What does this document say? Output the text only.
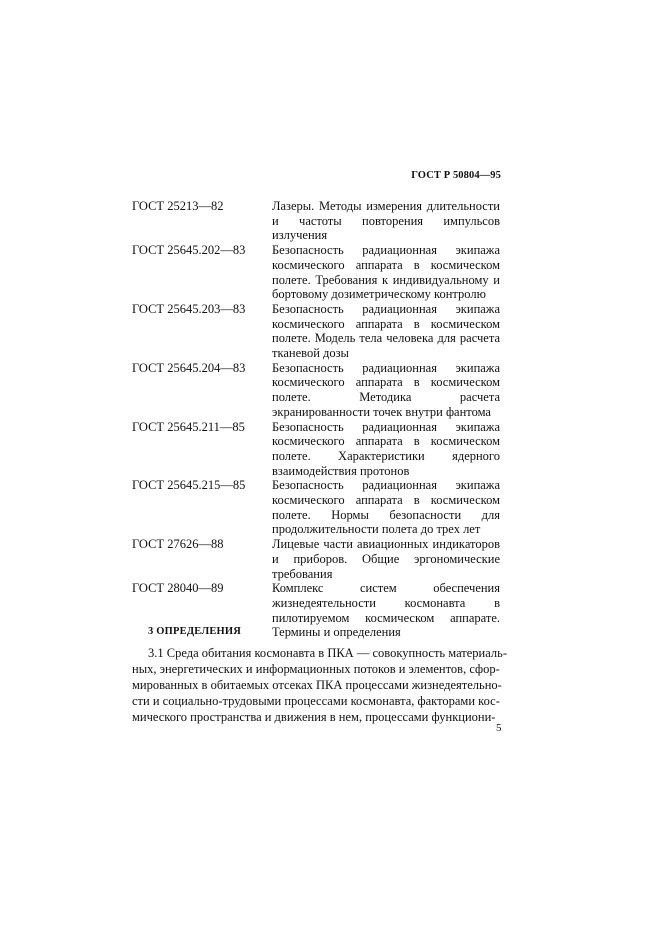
ГОСТ Р 50804—95
ГОСТ 25213—82	Лазеры. Методы измерения длительности и частоты повторения импульсов излучения
ГОСТ 25645.202—83	Безопасность радиационная экипажа космического аппарата в космическом полете. Требования к индивидуальному и бортовому дозиметрическому контролю
ГОСТ 25645.203—83	Безопасность радиационная экипажа космического аппарата в космическом полете. Модель тела человека для расчета тканевой дозы
ГОСТ 25645.204—83	Безопасность радиационная экипажа космического аппарата в космическом полете. Методика расчета экранированности точек внутри фантома
ГОСТ 25645.211—85	Безопасность радиационная экипажа космического аппарата в космическом полете. Характеристики ядерного взаимодействия протонов
ГОСТ 25645.215—85	Безопасность радиационная экипажа космического аппарата в космическом полете. Нормы безопасности для продолжительности полета до трех лет
ГОСТ 27626—88	Лицевые части авиационных индикаторов и приборов. Общие эргономические требования
ГОСТ 28040—89	Комплекс систем обеспечения жизнедеятельности космонавта в пилотируемом космическом аппарате. Термины и определения
3 ОПРЕДЕЛЕНИЯ
3.1 Среда обитания космонавта в ПКА — совокупность материаль-
ных, энергетических и информационных потоков и элементов, сфор-
мированных в обитаемых отсеках ПКА процессами жизнедеятельно-
сти и социально-трудовыми процессами космонавта, факторами кос-
мического пространства и движения в нем, процессами функциони-
5
